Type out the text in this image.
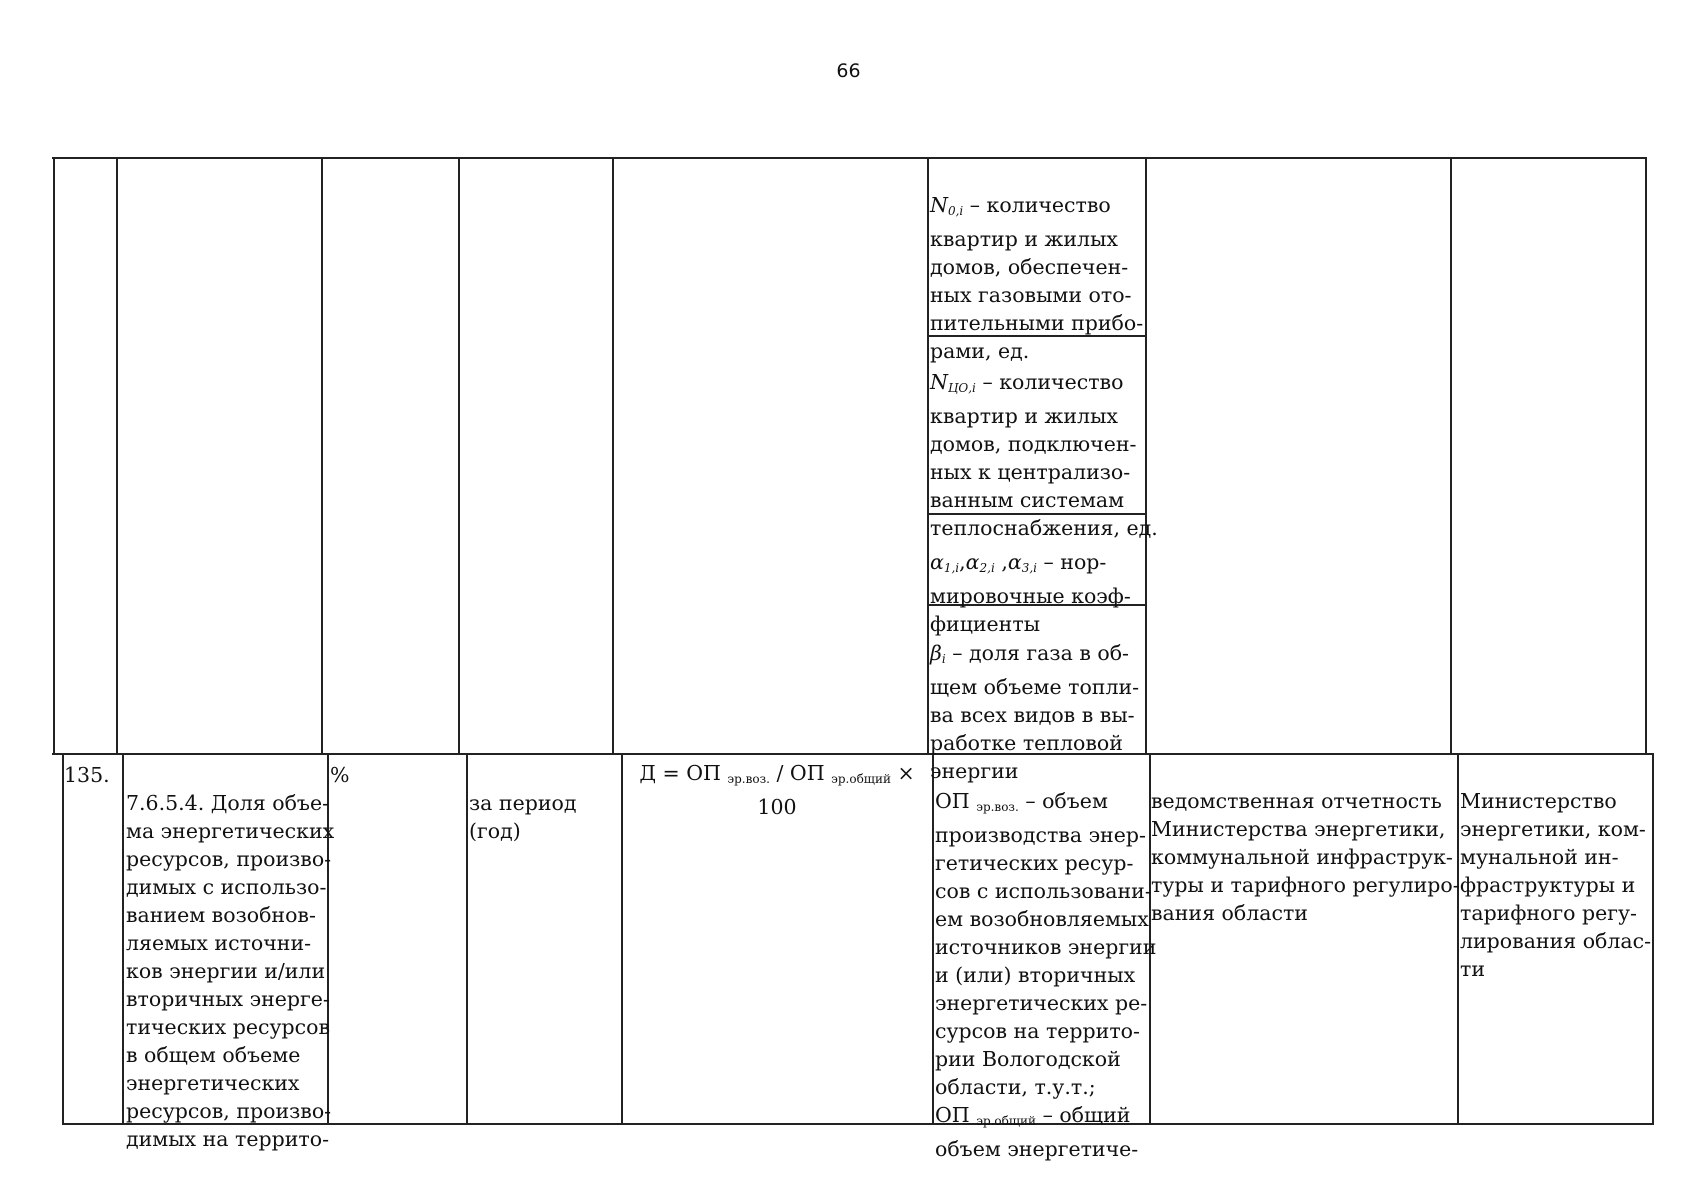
66

$N_{0,i}$ – количество
квартир и жилых
домов, обеспечен-
ных газовыми ото-
пительными прибо-
рами, ед.

$N_{ЦО,i}$ – количество
квартир и жилых
домов, подключен-
ных к централизо-
ванным системам
теплоснабжения, ед.

$\alpha_{1,i},\alpha_{2,i}$ $,\alpha_{3,i} - нор-$
мировочные коэф-
фициенты

$\beta_i$ – доля газа в об-
щем объеме топли-
ва всех видов в вы-
работке тепловой
энергии
135.

7.6.5.4. Доля объе-
ма энергетических
ресурсов, произво-
димых с использо-
ванием возобнов-
ляемых источни-
ков энергии и/или
вторичных энерге-
тических ресурсов
в общем объеме
энергетических
ресурсов, произво-
димых на террито-
%

за период
(год)
Д = ОП $_{эр.воз.}$ / ОП $_{эр.общий}$ ×
100	ОП $_{эр.воз.}$ – объем
производства энер-
гетических ресур-
сов с использовани-
ем возобновляемых
источников энергии
и (или) вторичных
энергетических ре-
сурсов на террито-
рии Вологодской
области, т.у.т.;
ОП $_{эр.общий}$ – общий
объем энергетиче-

ведомственная отчетность
Министерства энергетики,
коммунальной инфраструк-
туры и тарифного регулиро-
вания области

Министерство
энергетики, ком-
мунальной ин-
фраструктуры и
тарифного регу-
лирования облас-
ти
